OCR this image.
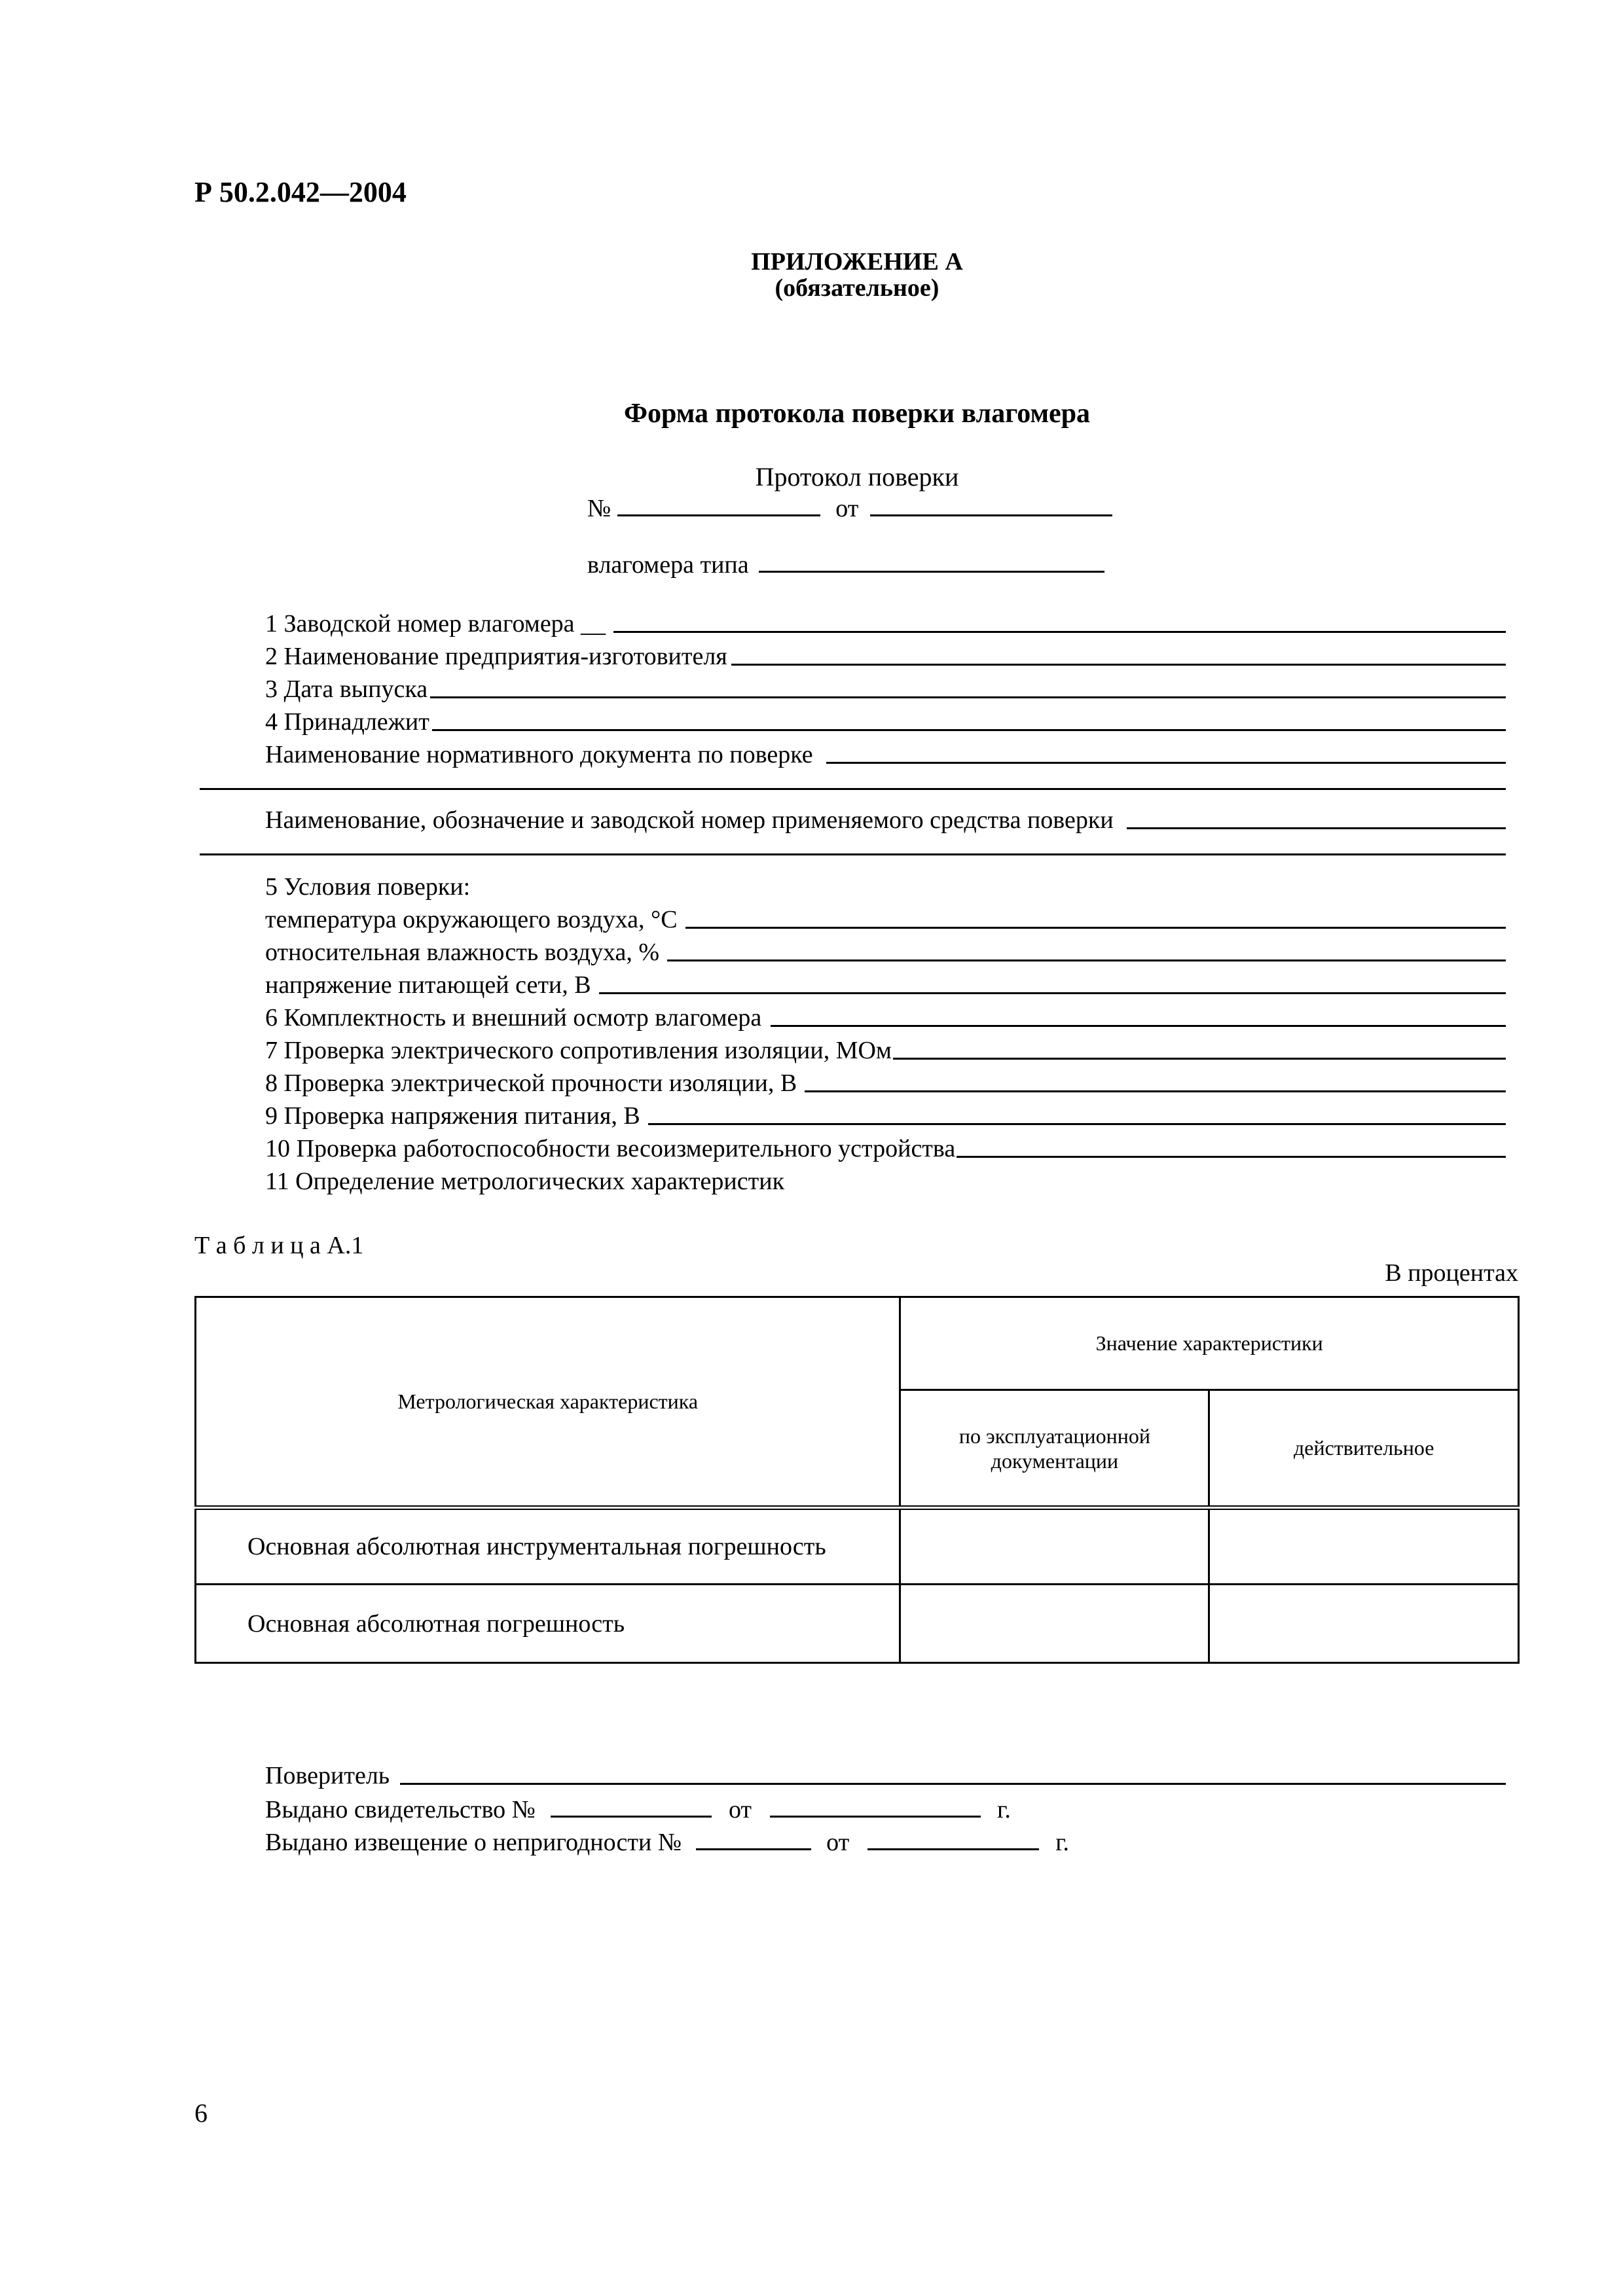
Р 50.2.042—2004
ПРИЛОЖЕНИЕ А
(обязательное)
Форма протокола поверки влагомера
Протокол поверки
№	от
влагомера типа
1 Заводской номер влагомера __
2 Наименование предприятия-изготовителя
3 Дата выпуска
4 Принадлежит
Наименование нормативного документа по поверке
Наименование, обозначение и заводской номер применяемого средства поверки
5 Условия поверки:
температура окружающего воздуха, °С
относительная влажность воздуха, %
напряжение питающей сети, В
6 Комплектность и внешний осмотр влагомера
7 Проверка электрического сопротивления изоляции, МОм
8 Проверка электрической прочности изоляции, В
9 Проверка напряжения питания, В
10 Проверка работоспособности весоизмерительного устройства
11 Определение метрологических характеристик
Т а б л и ц а А.1
В процентах
Метрологическая характеристика	Значение характеристики	
	по эксплуатационной документации	действительное
Основная абсолютная инструментальная погрешность		
Основная абсолютная погрешность		
Поверитель
Выдано свидетельство №	от	г.
Выдано извещение о непригодности №	от	г.
6
